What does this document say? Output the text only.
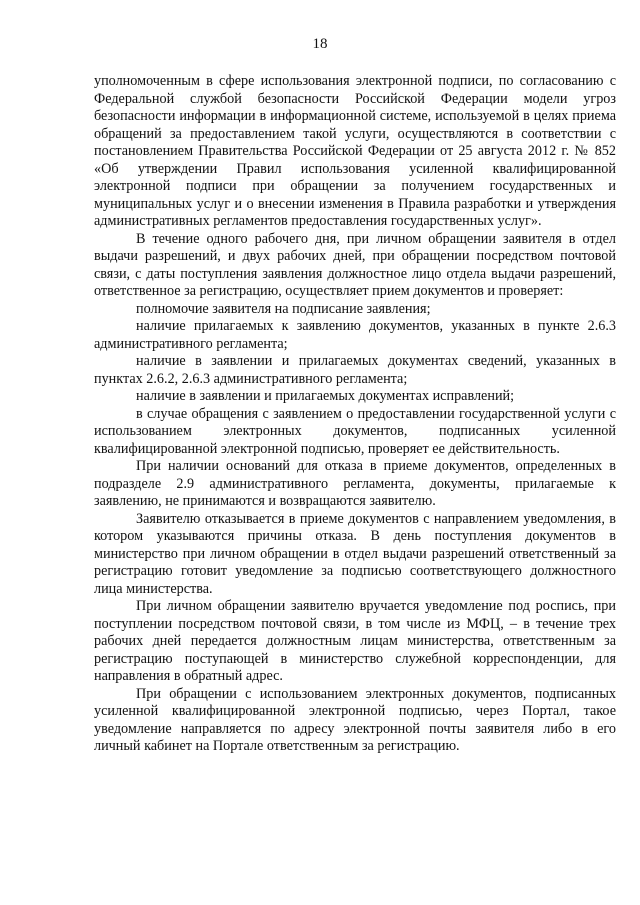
18

уполномоченным в сфере использования электронной подписи, по согласованию с Федеральной службой безопасности Российской Федерации модели угроз безопасности информации в информационной системе, используемой в целях приема обращений за предоставлением такой услуги, осуществляются в соответствии с постановлением Правительства Российской Федерации от 25 августа 2012 г. № 852 «Об утверждении Правил использования усиленной квалифицированной электронной подписи при обращении за получением государственных и муниципальных услуг и о внесении изменения в Правила разработки и утверждения административных регламентов предоставления государственных услуг».

В течение одного рабочего дня, при личном обращении заявителя в отдел выдачи разрешений, и двух рабочих дней, при обращении посредством почтовой связи, с даты поступления заявления должностное лицо отдела выдачи разрешений, ответственное за регистрацию, осуществляет прием документов и проверяет:

полномочие заявителя на подписание заявления;

наличие прилагаемых к заявлению документов, указанных в пункте 2.6.3 административного регламента;

наличие в заявлении и прилагаемых документах сведений, указанных в пунктах 2.6.2, 2.6.3 административного регламента;

наличие в заявлении и прилагаемых документах исправлений;

в случае обращения с заявлением о предоставлении государственной услуги с использованием электронных документов, подписанных усиленной квалифицированной электронной подписью, проверяет ее действительность.

При наличии оснований для отказа в приеме документов, определенных в подразделе 2.9 административного регламента, документы, прилагаемые к заявлению, не принимаются и возвращаются заявителю.

Заявителю отказывается в приеме документов с направлением уведомления, в котором указываются причины отказа. В день поступления документов в министерство при личном обращении в отдел выдачи разрешений ответственный за регистрацию готовит уведомление за подписью соответствующего должностного лица министерства.

При личном обращении заявителю вручается уведомление под роспись, при поступлении посредством почтовой связи, в том числе из МФЦ, – в течение трех рабочих дней передается должностным лицам министерства, ответственным за регистрацию поступающей в министерство служебной корреспонденции, для направления в обратный адрес.

При обращении с использованием электронных документов, подписанных усиленной квалифицированной электронной подписью, через Портал, такое уведомление направляется по адресу электронной почты заявителя либо в его личный кабинет на Портале ответственным за регистрацию.
